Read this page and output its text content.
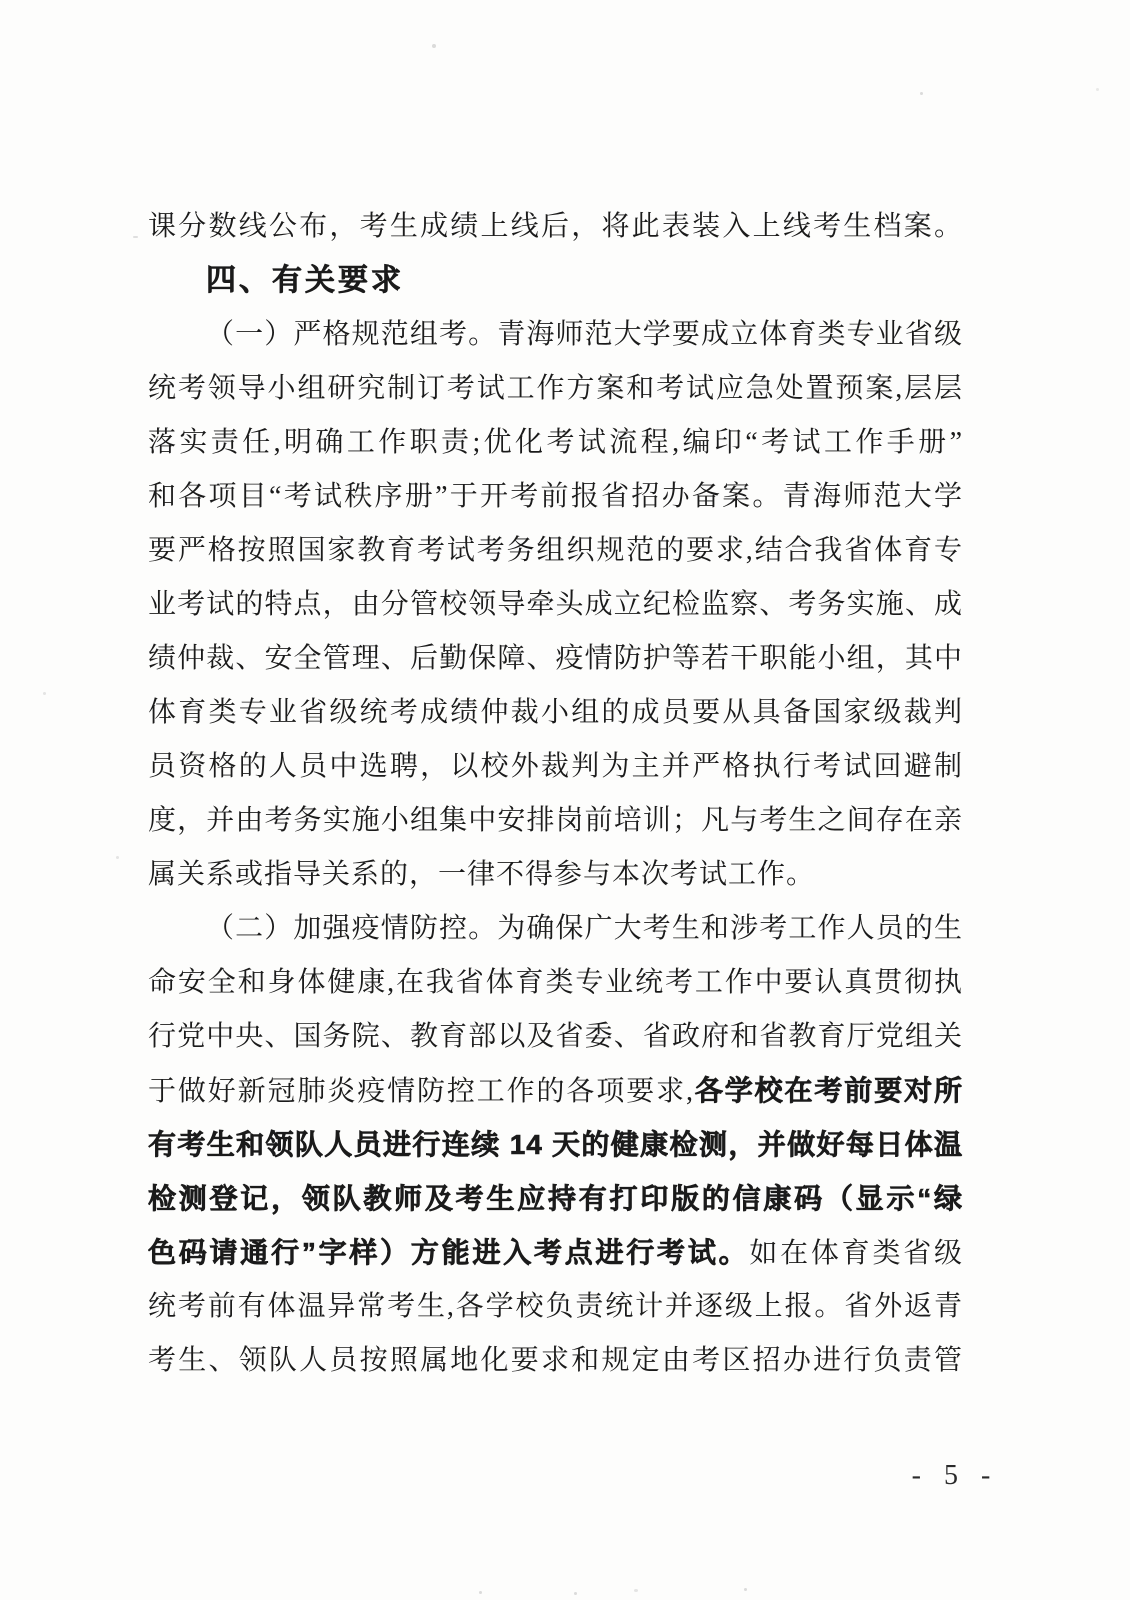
课分数线公布，考生成绩上线后，将此表装入上线考生档案。
四、有关要求
（一）严格规范组考。青海师范大学要成立体育类专业省级
统考领导小组研究制订考试工作方案和考试应急处置预案,层层
落实责任,明确工作职责;优化考试流程,编印“考试工作手册”
和各项目“考试秩序册”于开考前报省招办备案。青海师范大学
要严格按照国家教育考试考务组织规范的要求,结合我省体育专
业考试的特点，由分管校领导牵头成立纪检监察、考务实施、成
绩仲裁、安全管理、后勤保障、疫情防护等若干职能小组，其中
体育类专业省级统考成绩仲裁小组的成员要从具备国家级裁判
员资格的人员中选聘，以校外裁判为主并严格执行考试回避制
度，并由考务实施小组集中安排岗前培训；凡与考生之间存在亲
属关系或指导关系的，一律不得参与本次考试工作。
（二）加强疫情防控。为确保广大考生和涉考工作人员的生
命安全和身体健康,在我省体育类专业统考工作中要认真贯彻执
行党中央、国务院、教育部以及省委、省政府和省教育厅党组关
于做好新冠肺炎疫情防控工作的各项要求,各学校在考前要对所
有考生和领队人员进行连续 14 天的健康检测，并做好每日体温
检测登记，领队教师及考生应持有打印版的信康码（显示“绿
色码请通行”字样）方能进入考点进行考试。如在体育类省级
统考前有体温异常考生,各学校负责统计并逐级上报。省外返青
考生、领队人员按照属地化要求和规定由考区招办进行负责管
- 5 -
